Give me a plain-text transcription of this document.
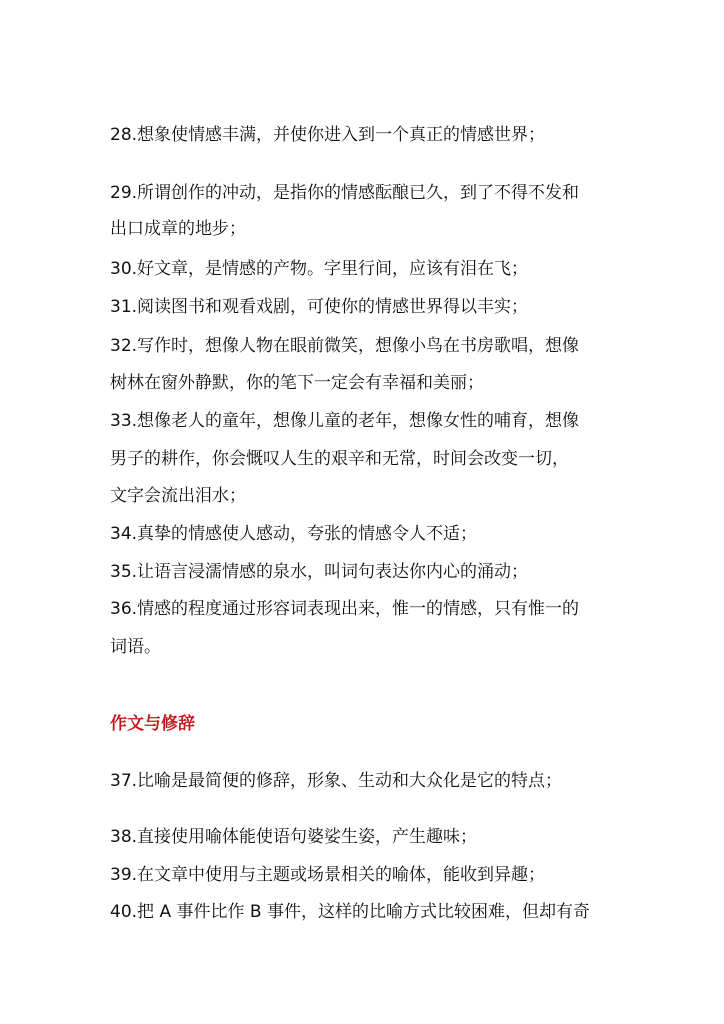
28.想象使情感丰满，并使你进入到一个真正的情感世界；
29.所谓创作的冲动，是指你的情感酝酿已久，到了不得不发和
出口成章的地步；
30.好文章，是情感的产物。字里行间，应该有泪在飞；
31.阅读图书和观看戏剧，可使你的情感世界得以丰实；
32.写作时，想像人物在眼前微笑，想像小鸟在书房歌唱，想像
树林在窗外静默，你的笔下一定会有幸福和美丽；
33.想像老人的童年，想像儿童的老年，想像女性的哺育，想像
男子的耕作，你会慨叹人生的艰辛和无常，时间会改变一切，
文字会流出泪水；
34.真挚的情感使人感动，夸张的情感令人不适；
35.让语言浸濡情感的泉水，叫词句表达你内心的涌动；
36.情感的程度通过形容词表现出来，惟一的情感，只有惟一的
词语。
作文与修辞
37.比喻是最简便的修辞，形象、生动和大众化是它的特点；
38.直接使用喻体能使语句婆娑生姿，产生趣味；
39.在文章中使用与主题或场景相关的喻体，能收到异趣；
40.把 A 事件比作 B 事件，这样的比喻方式比较困难，但却有奇
